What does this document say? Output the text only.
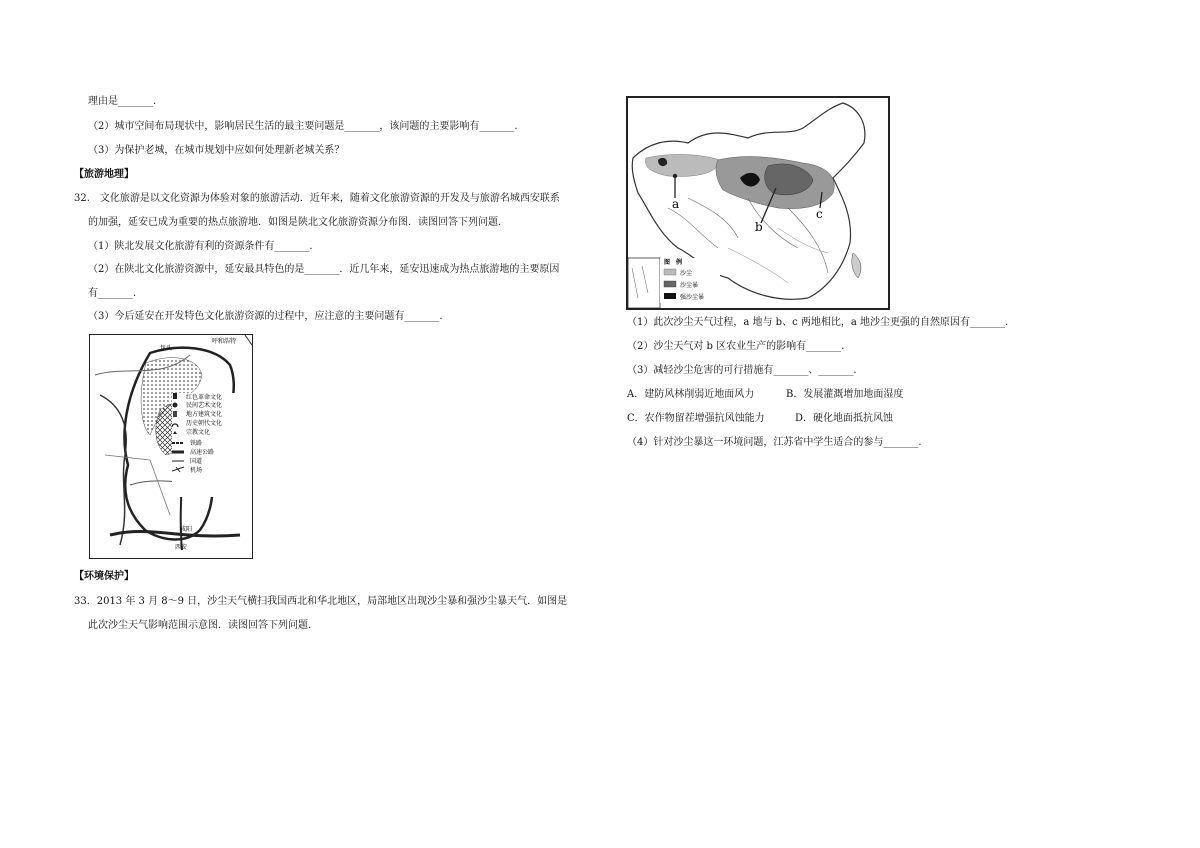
理由是_______.
（2）城市空间布局现状中，影响居民生活的最主要问题是_______，该问题的主要影响有_______.
（3）为保护老城，在城市规划中应如何处理新老城关系？
【旅游地理】
32.　文化旅游是以文化资源为体验对象的旅游活动．近年来，随着文化旅游资源的开发及与旅游名城西安联系
的加强，延安已成为重要的热点旅游地．如图是陕北文化旅游资源分布图．读图回答下列问题．
（1）陕北发展文化旅游有利的资源条件有_______.
（2）在陕北文化旅游资源中，延安最具特色的是_______．近几年来，延安迅速成为热点旅游地的主要原因
有_______.
（3）今后延安在开发特色文化旅游资源的过程中，应注意的主要问题有_______.
包头
呼和浩特
咸阳
西安
红色革命文化
民间艺术文化
地方建筑文化
历史朝代文化
宗教文化
铁路
高速公路
国道
机场
【环境保护】
33．2013 年 3 月 8～9 日，沙尘天气横扫我国西北和华北地区，局部地区出现沙尘暴和强沙尘暴天气．如图是
此次沙尘天气影响范围示意图．读图回答下列问题．
a
b
c
图　例
沙尘
沙尘暴
强沙尘暴
（1）此次沙尘天气过程，a 地与 b、c 两地相比，a 地沙尘更强的自然原因有_______.
（2）沙尘天气对 b 区农业生产的影响有_______.
（3）减轻沙尘危害的可行措施有_______、_______.
A．建防风林削弱近地面风力	B．发展灌溉增加地面湿度
C．农作物留茬增强抗风蚀能力	D．硬化地面抵抗风蚀
（4）针对沙尘暴这一环境问题，江苏省中学生适合的参与_______.
